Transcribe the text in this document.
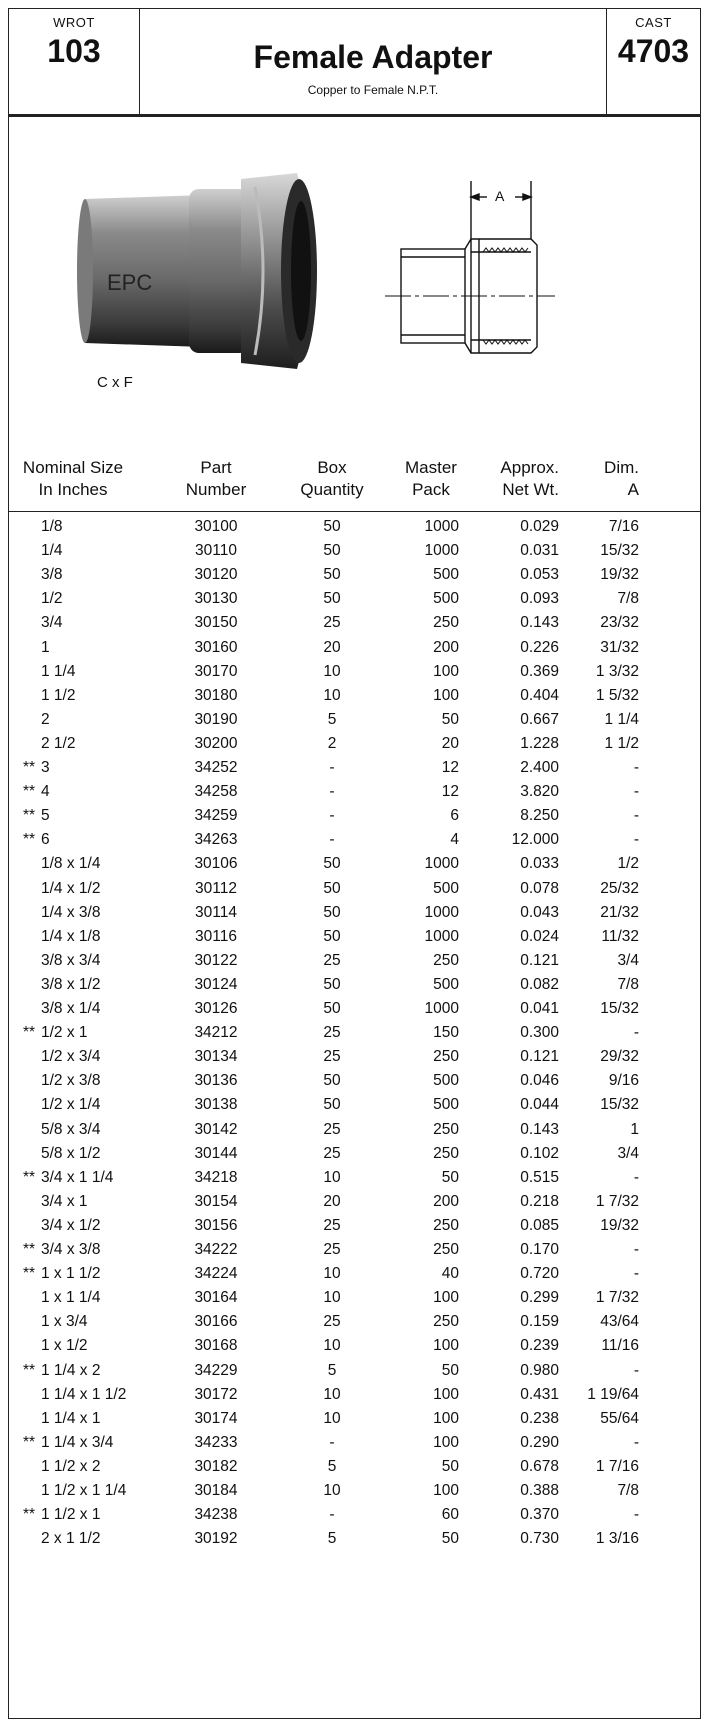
WROT
103	Female Adapter
Copper to Female N.P.T.
CAST
4703
EPC
A
C x F
Nominal Size
In Inches
Part
Number
Box
Quantity
Master
Pack
Approx.
Net Wt.
Dim.
A
1/8	30100	50	1000	0.029	7/16
1/4	30110	50	1000	0.031	15/32
3/8	30120	50	500	0.053	19/32
1/2	30130	50	500	0.093	7/8
3/4	30150	25	250	0.143	23/32
1	30160	20	200	0.226	31/32
1 1/4	30170	10	100	0.369	1 3/32
1 1/2	30180	10	100	0.404	1 5/32
2	30190	5	50	0.667	1 1/4
2 1/2	30200	2	20	1.228	1 1/2
** 3	34252	-	12	2.400	-
** 4	34258	-	12	3.820	-
** 5	34259	-	6	8.250	-
** 6	34263	-	4	12.000	-
1/8 x 1/4	30106	50	1000	0.033	1/2
1/4 x 1/2	30112	50	500	0.078	25/32
1/4 x 3/8	30114	50	1000	0.043	21/32
1/4 x 1/8	30116	50	1000	0.024	11/32
3/8 x 3/4	30122	25	250	0.121	3/4
3/8 x 1/2	30124	50	500	0.082	7/8
3/8 x 1/4	30126	50	1000	0.041	15/32
** 1/2 x 1	34212	25	150	0.300	-
1/2 x 3/4	30134	25	250	0.121	29/32
1/2 x 3/8	30136	50	500	0.046	9/16
1/2 x 1/4	30138	50	500	0.044	15/32
5/8 x 3/4	30142	25	250	0.143	1
5/8 x 1/2	30144	25	250	0.102	3/4
** 3/4 x 1 1/4	34218	10	50	0.515	-
3/4 x 1	30154	20	200	0.218	1 7/32
3/4 x 1/2	30156	25	250	0.085	19/32
** 3/4 x 3/8	34222	25	250	0.170	-
** 1 x 1 1/2	34224	10	40	0.720	-
1 x 1 1/4	30164	10	100	0.299	1 7/32
1 x 3/4	30166	25	250	0.159	43/64
1 x 1/2	30168	10	100	0.239	11/16
** 1 1/4 x 2	34229	5	50	0.980	-
1 1/4 x 1 1/2	30172	10	100	0.431	1 19/64
1 1/4 x 1	30174	10	100	0.238	55/64
** 1 1/4 x 3/4	34233	-	100	0.290	-
1 1/2 x 2	30182	5	50	0.678	1 7/16
1 1/2 x 1 1/4	30184	10	100	0.388	7/8
** 1 1/2 x 1	34238	-	60	0.370	-
2 x 1 1/2	30192	5	50	0.730	1 3/16
